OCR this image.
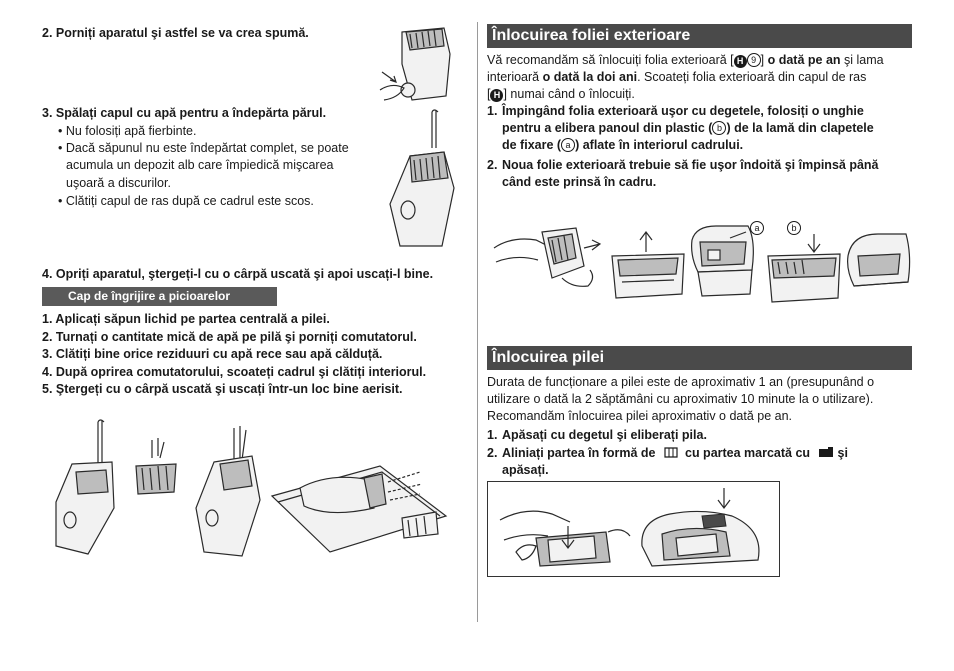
2. Porniți aparatul şi astfel se va crea spumă.
3. Spălați capul cu apă pentru a îndepărta părul.
• Nu folosiți apă fierbinte.
• Dacă săpunul nu este îndepărtat complet, se poate
acumula un depozit alb care împiedică mişcarea
uşoară a discurilor.
• Clătiți capul de ras după ce cadrul este scos.
4. Opriți aparatul, ştergeți-l cu o cârpă uscată şi apoi uscați-l bine.
Cap de îngrijire a picioarelor
1. Aplicați săpun lichid pe partea centrală a pilei.
2. Turnați o cantitate mică de apă pe pilă şi porniți comutatorul.
3. Clătiți bine orice reziduuri cu apă rece sau apă călduță.
4. După oprirea comutatorului, scoateți cadrul şi clătiți interiorul.
5. Ştergeți cu o cârpă uscată şi uscați într-un loc bine aerisit.
Înlocuirea foliei exterioare
Vă recomandăm să înlocuiți folia exterioară [ H 9 ] o dată pe an şi lama
interioară o dată la doi ani. Scoateți folia exterioară din capul de ras
[ H ] numai când o înlocuiți.
1. Împingând folia exterioară uşor cu degetele, folosiți o unghie
pentru a elibera panoul din plastic ( b ) de la lamă din clapetele
de fixare ( a ) aflate în interiorul cadrului.
2. Noua folie exterioară trebuie să fie uşor îndoită şi împinsă până
când este prinsă în cadru.
a	b
Înlocuirea pilei
Durata de funcționare a pilei este de aproximativ 1 an (presupunând o
utilizare o dată la 2 săptămâni cu aproximativ 10 minute la o utilizare).
Recomandăm înlocuirea pilei aproximativ o dată pe an.
1. Apăsați cu degetul şi eliberați pila.
2. Aliniați partea în formă de cu partea marcată cu şi
apăsați.
